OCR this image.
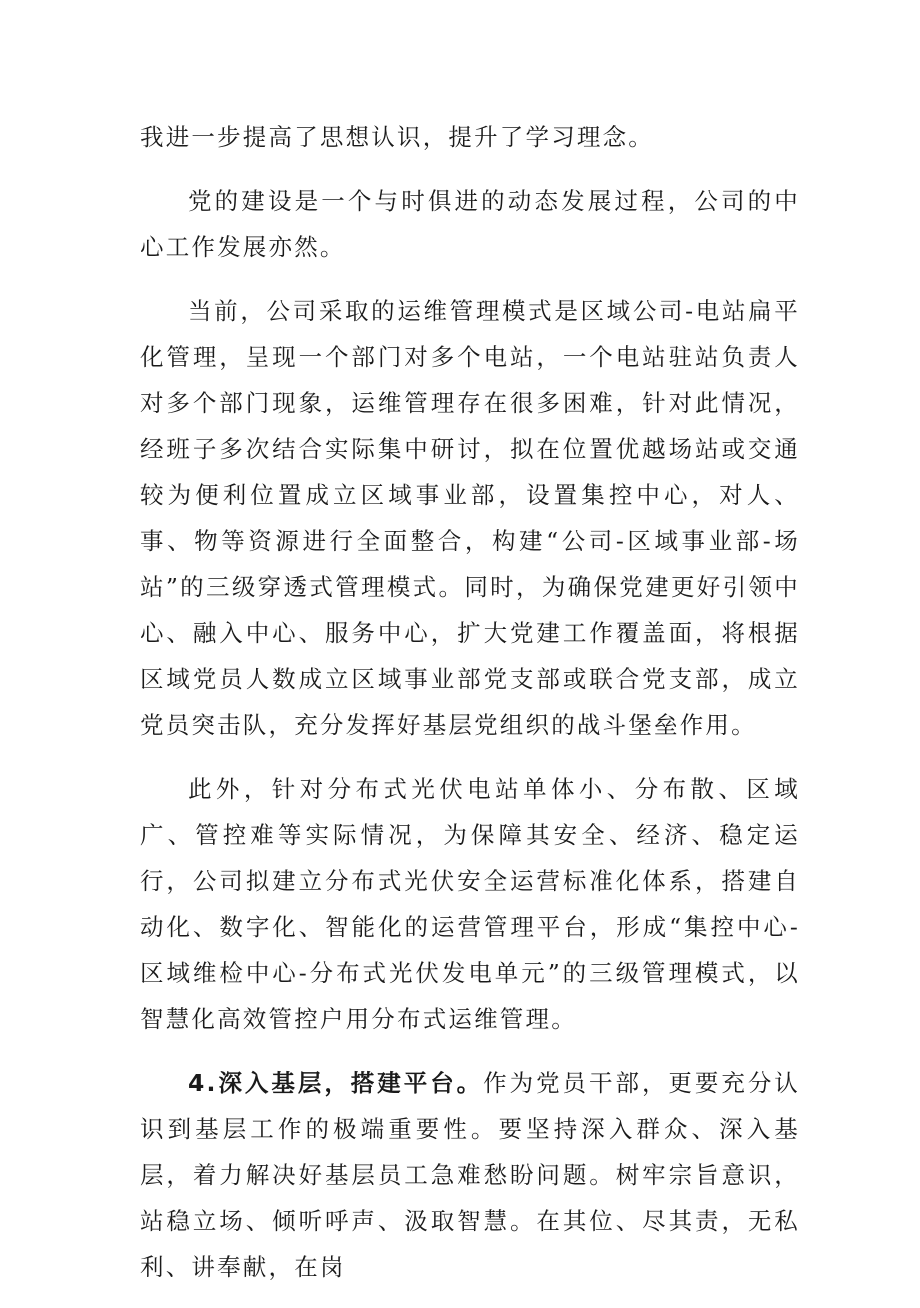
我进一步提高了思想认识，提升了学习理念。

党的建设是一个与时俱进的动态发展过程，公司的中心工作发展亦然。

当前，公司采取的运维管理模式是区域公司-电站扁平化管理，呈现一个部门对多个电站，一个电站驻站负责人对多个部门现象，运维管理存在很多困难，针对此情况，经班子多次结合实际集中研讨，拟在位置优越场站或交通较为便利位置成立区域事业部，设置集控中心，对人、事、物等资源进行全面整合，构建“公司-区域事业部-场站”的三级穿透式管理模式。同时，为确保党建更好引领中心、融入中心、服务中心，扩大党建工作覆盖面，将根据区域党员人数成立区域事业部党支部或联合党支部，成立党员突击队，充分发挥好基层党组织的战斗堡垒作用。

此外，针对分布式光伏电站单体小、分布散、区域广、管控难等实际情况，为保障其安全、经济、稳定运行，公司拟建立分布式光伏安全运营标准化体系，搭建自动化、数字化、智能化的运营管理平台，形成“集控中心-区域维检中心-分布式光伏发电单元”的三级管理模式，以智慧化高效管控户用分布式运维管理。

4.深入基层，搭建平台。作为党员干部，更要充分认识到基层工作的极端重要性。要坚持深入群众、深入基层，着力解决好基层员工急难愁盼问题。树牢宗旨意识，站稳立场、倾听呼声、汲取智慧。在其位、尽其责，无私利、讲奉献，在岗
